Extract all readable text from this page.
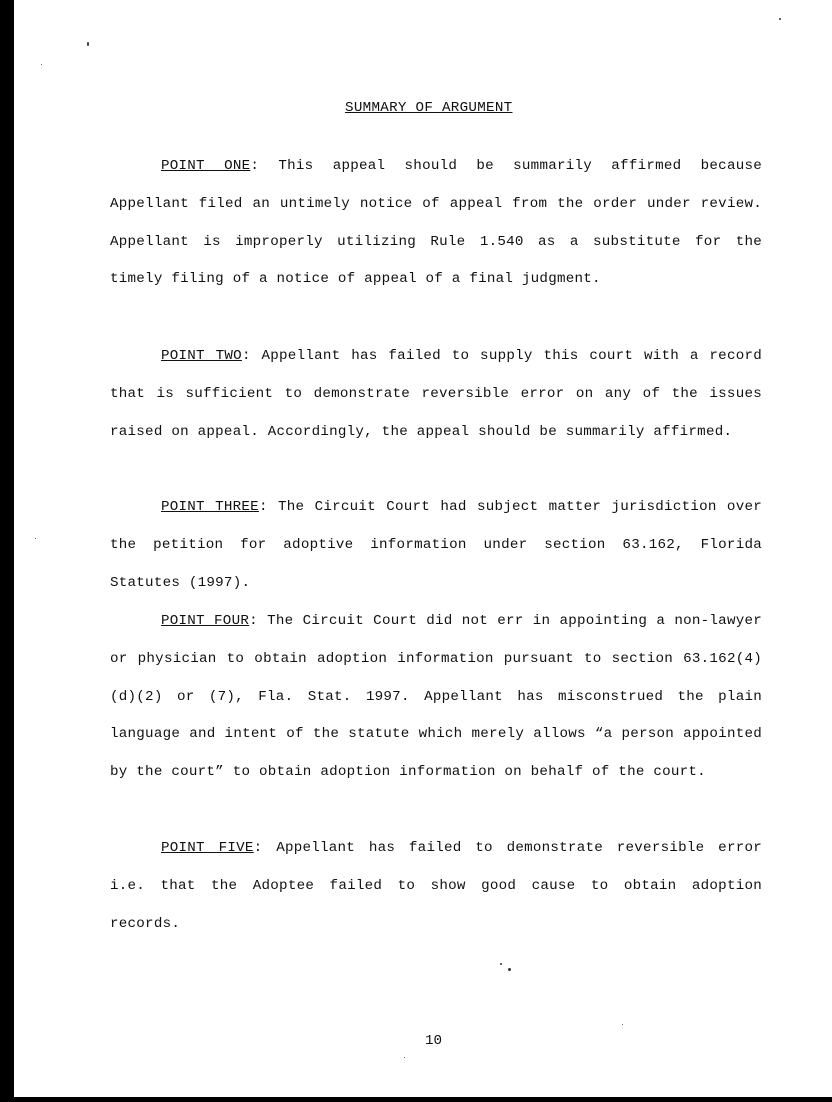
SUMMARY OF ARGUMENT

POINT ONE: This appeal should be summarily affirmed because Appellant filed an untimely notice of appeal from the order under review. Appellant is improperly utilizing Rule 1.540 as a substitute for the timely filing of a notice of appeal of a final judgment.

POINT TWO: Appellant has failed to supply this court with a record that is sufficient to demonstrate reversible error on any of the issues raised on appeal. Accordingly, the appeal should be summarily affirmed.

POINT THREE: The Circuit Court had subject matter jurisdiction over the petition for adoptive information under section 63.162, Florida Statutes (1997).

POINT FOUR: The Circuit Court did not err in appointing a non-lawyer or physician to obtain adoption information pursuant to section 63.162(4)(d)(2) or (7), Fla. Stat. 1997. Appellant has misconstrued the plain language and intent of the statute which merely allows “a person appointed by the court” to obtain adoption information on behalf of the court.

POINT FIVE: Appellant has failed to demonstrate reversible error i.e. that the Adoptee failed to show good cause to obtain adoption records.

10
